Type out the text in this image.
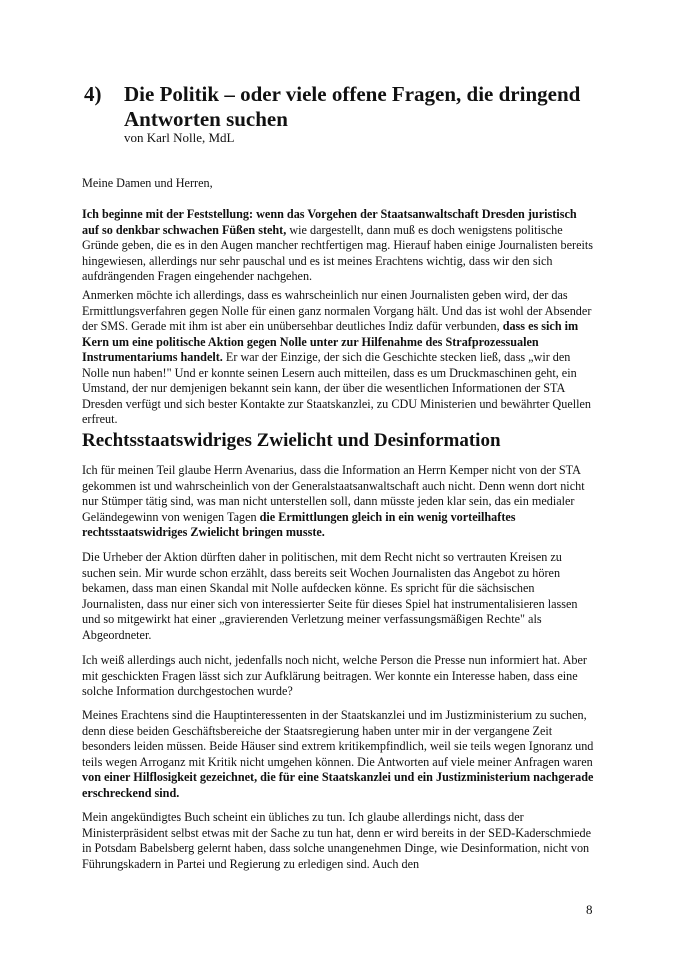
4) Die Politik – oder viele offene Fragen, die dringend Antworten suchen
von Karl Nolle, MdL

Meine Damen und Herren,

Ich beginne mit der Feststellung: wenn das Vorgehen der Staatsanwaltschaft Dresden juristisch auf so denkbar schwachen Füßen steht, wie dargestellt, dann muß es doch wenigstens politische Gründe geben, die es in den Augen mancher rechtfertigen mag. Hierauf haben einige Journalisten bereits hingewiesen, allerdings nur sehr pauschal und es ist meines Erachtens wichtig, dass wir den sich aufdrängenden Fragen eingehender nachgehen.

Anmerken möchte ich allerdings, dass es wahrscheinlich nur einen Journalisten geben wird, der das Ermittlungsverfahren gegen Nolle für einen ganz normalen Vorgang hält. Und das ist wohl der Absender der SMS. Gerade mit ihm ist aber ein unübersehbar deutliches Indiz dafür verbunden, dass es sich im Kern um eine politische Aktion gegen Nolle unter zur Hilfenahme des Strafprozessualen Instrumentariums handelt. Er war der Einzige, der sich die Geschichte stecken ließ, dass „wir den Nolle nun haben!" Und er konnte seinen Lesern auch mitteilen, dass es um Druckmaschinen geht, ein Umstand, der nur demjenigen bekannt sein kann, der über die wesentlichen Informationen der STA Dresden verfügt und sich bester Kontakte zur Staatskanzlei, zu CDU Ministerien und bewährter Quellen erfreut.

Rechtsstaatswidriges Zwielicht und Desinformation

Ich für meinen Teil glaube Herrn Avenarius, dass die Information an Herrn Kemper nicht von der STA gekommen ist und wahrscheinlich von der Generalstaatsanwaltschaft auch nicht. Denn wenn dort nicht nur Stümper tätig sind, was man nicht unterstellen soll, dann müsste jeden klar sein, das ein medialer Geländegewinn von wenigen Tagen die Ermittlungen gleich in ein wenig vorteilhaftes rechtsstaatswidriges Zwielicht bringen musste.

Die Urheber der Aktion dürften daher in politischen, mit dem Recht nicht so vertrauten Kreisen zu suchen sein. Mir wurde schon erzählt, dass bereits seit Wochen Journalisten das Angebot zu hören bekamen, dass man einen Skandal mit Nolle aufdecken könne. Es spricht für die sächsischen Journalisten, dass nur einer sich von interessierter Seite für dieses Spiel hat instrumentalisieren lassen und so mitgewirkt hat einer „gravierenden Verletzung meiner verfassungsmäßigen Rechte" als Abgeordneter.

Ich weiß allerdings auch nicht, jedenfalls noch nicht, welche Person die Presse nun informiert hat. Aber mit geschickten Fragen lässt sich zur Aufklärung beitragen. Wer konnte ein Interesse haben, dass eine solche Information durchgestochen wurde?

Meines Erachtens sind die Hauptinteressenten in der Staatskanzlei und im Justizministerium zu suchen, denn diese beiden Geschäftsbereiche der Staatsregierung haben unter mir in der vergangene Zeit besonders leiden müssen. Beide Häuser sind extrem kritikempfindlich, weil sie teils wegen Ignoranz und teils wegen Arroganz mit Kritik nicht umgehen können. Die Antworten auf viele meiner Anfragen waren von einer Hilflosigkeit gezeichnet, die für eine Staatskanzlei und ein Justizministerium nachgerade erschreckend sind.

Mein angekündigtes Buch scheint ein übliches zu tun. Ich glaube allerdings nicht, dass der Ministerpräsident selbst etwas mit der Sache zu tun hat, denn er wird bereits in der SED-Kaderschmiede in Potsdam Babelsberg gelernt haben, dass solche unangenehmen Dinge, wie Desinformation, nicht von Führungskadern in Partei und Regierung zu erledigen sind. Auch den

8
